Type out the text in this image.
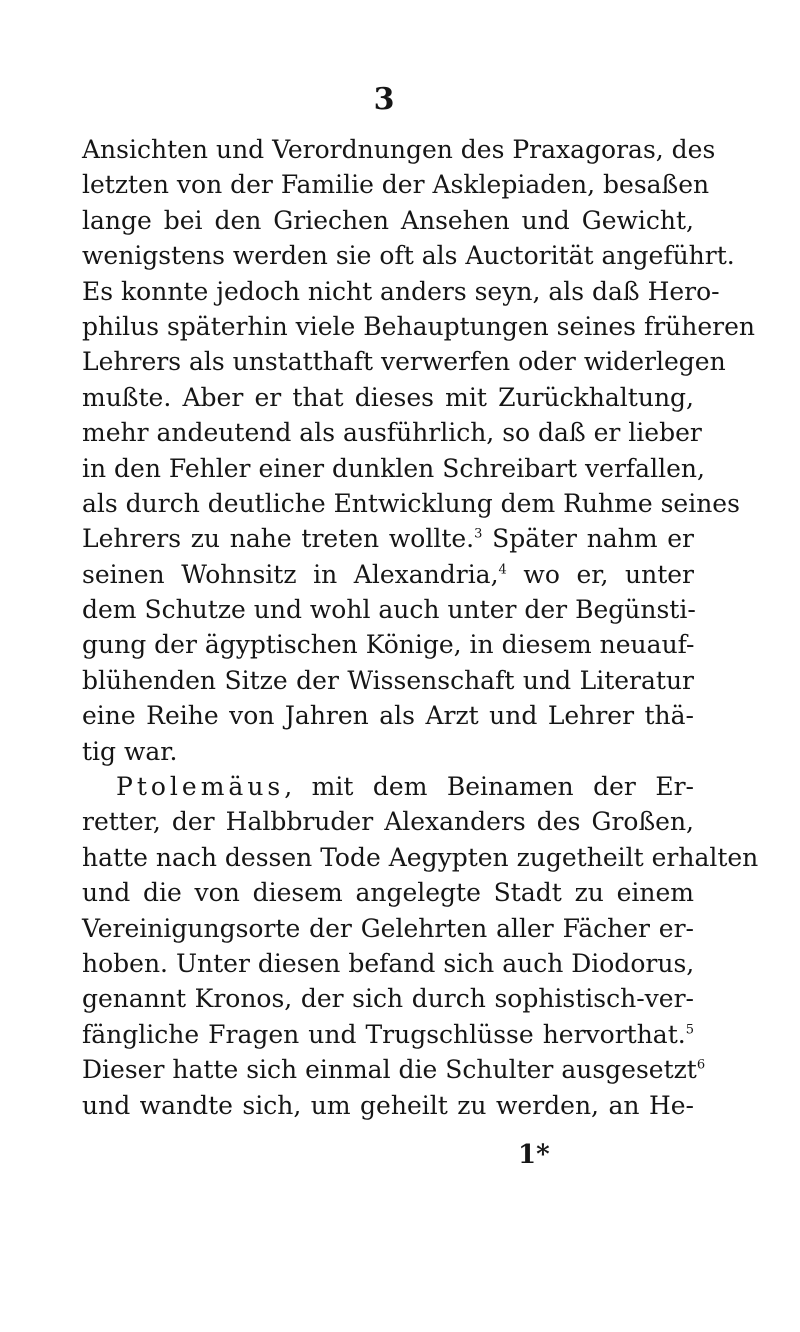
3
Ansichten und Verordnungen des Praxagoras, des
letzten von der Familie der Asklepiaden, besaßen
lange bei den Griechen Ansehen und Gewicht,
wenigstens werden sie oft als Auctorität angeführt.
Es konnte jedoch nicht anders seyn, als daß Hero-
philus späterhin viele Behauptungen seines früheren
Lehrers als unstatthaft verwerfen oder widerlegen
mußte. Aber er that dieses mit Zurückhaltung,
mehr andeutend als ausführlich, so daß er lieber
in den Fehler einer dunklen Schreibart verfallen,
als durch deutliche Entwicklung dem Ruhme seines
Lehrers zu nahe treten wollte.$^3$ Später nahm er
seinen Wohnsitz in Alexandria,$^4$ wo er, unter
dem Schutze und wohl auch unter der Begünsti-
gung der ägyptischen Könige, in diesem neuauf-
blühenden Sitze der Wissenschaft und Literatur
eine Reihe von Jahren als Arzt und Lehrer thä-
tig war.
Ptolemäus, mit dem Beinamen der Er-
retter, der Halbbruder Alexanders des Großen,
hatte nach dessen Tode Aegypten zugetheilt erhalten
und die von diesem angelegte Stadt zu einem
Vereinigungsorte der Gelehrten aller Fächer er-
hoben. Unter diesen befand sich auch Diodorus,
genannt Kronos, der sich durch sophistisch-ver-
fängliche Fragen und Trugschlüsse hervorthat.$^5$
Dieser hatte sich einmal die Schulter ausgesetzt$^6$
und wandte sich, um geheilt zu werden, an He-
1*
